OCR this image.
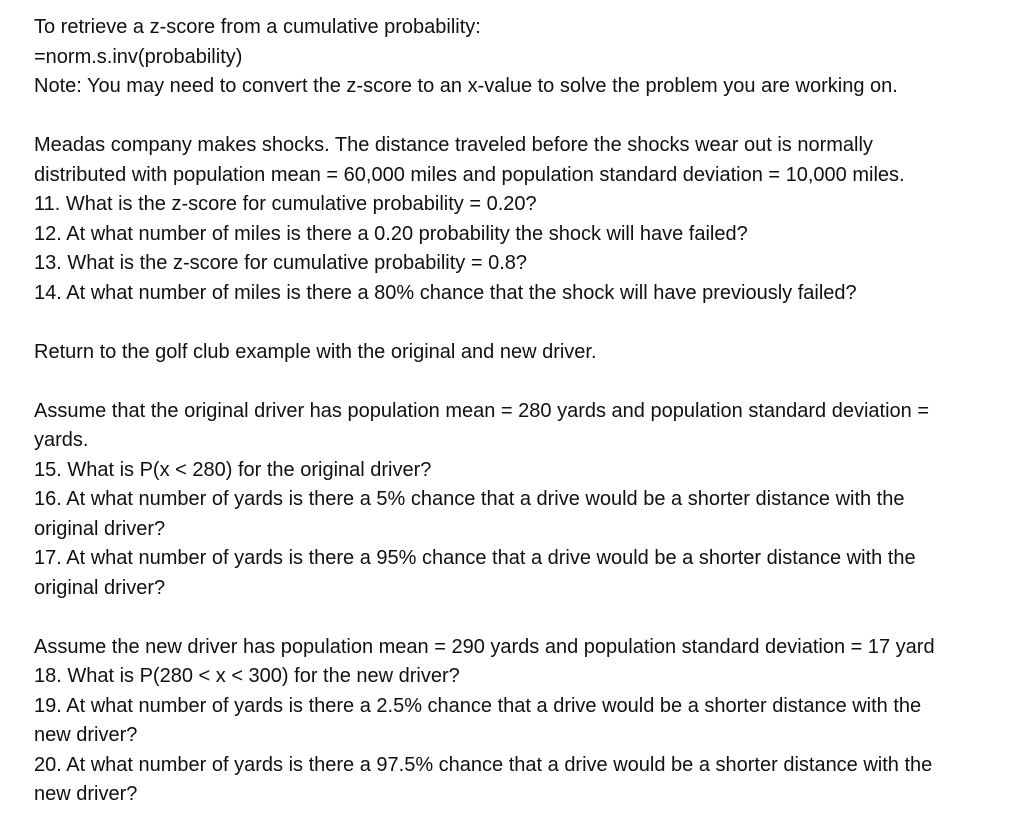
To retrieve a z-score from a cumulative probability:
=norm.s.inv(probability)
Note: You may need to convert the z-score to an x-value to solve the problem you are working on.
Meadas company makes shocks. The distance traveled before the shocks wear out is normally
distributed with population mean = 60,000 miles and population standard deviation = 10,000 miles.
11. What is the z-score for cumulative probability = 0.20?
12. At what number of miles is there a 0.20 probability the shock will have failed?
13. What is the z-score for cumulative probability = 0.8?
14. At what number of miles is there a 80% chance that the shock will have previously failed?
Return to the golf club example with the original and new driver.
Assume that the original driver has population mean = 280 yards and population standard deviation =
yards.
15. What is P(x < 280) for the original driver?
16. At what number of yards is there a 5% chance that a drive would be a shorter distance with the
original driver?
17. At what number of yards is there a 95% chance that a drive would be a shorter distance with the
original driver?
Assume the new driver has population mean = 290 yards and population standard deviation = 17 yard
18. What is P(280 < x < 300) for the new driver?
19. At what number of yards is there a 2.5% chance that a drive would be a shorter distance with the
new driver?
20. At what number of yards is there a 97.5% chance that a drive would be a shorter distance with the
new driver?
